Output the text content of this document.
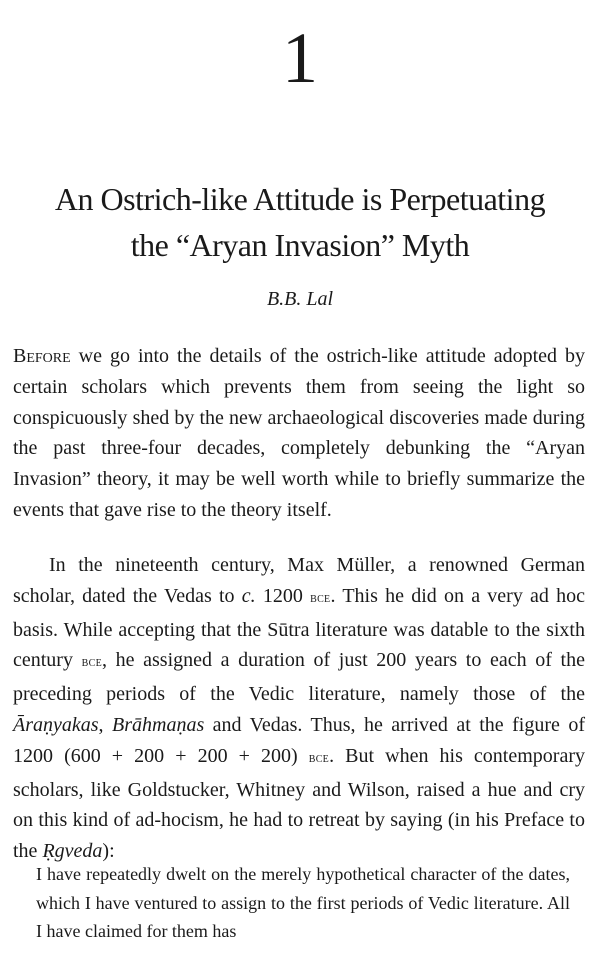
1
An Ostrich-like Attitude is Perpetuating
the “Aryan Invasion” Myth
B.B. Lal

Before we go into the details of the ostrich-like attitude adopted by certain scholars which prevents them from seeing the light so conspicuously shed by the new archaeological discoveries made during the past three-four decades, completely debunking the “Aryan Invasion” theory, it may be well worth while to briefly summarize the events that gave rise to the theory itself.

In the nineteenth century, Max Müller, a renowned German scholar, dated the Vedas to c. 1200 bce. This he did on a very ad hoc basis. While accepting that the Sūtra literature was datable to the sixth century bce, he assigned a duration of just 200 years to each of the preceding periods of the Vedic literature, namely those of the Āraṇyakas, Brāhmaṇas and Vedas. Thus, he arrived at the figure of 1200 (600 + 200 + 200 + 200) bce. But when his contemporary scholars, like Goldstucker, Whitney and Wilson, raised a hue and cry on this kind of ad-hocism, he had to retreat by saying (in his Preface to the Ṛgveda):

I have repeatedly dwelt on the merely hypothetical character of the dates, which I have ventured to assign to the first periods of Vedic literature. All I have claimed for them has
